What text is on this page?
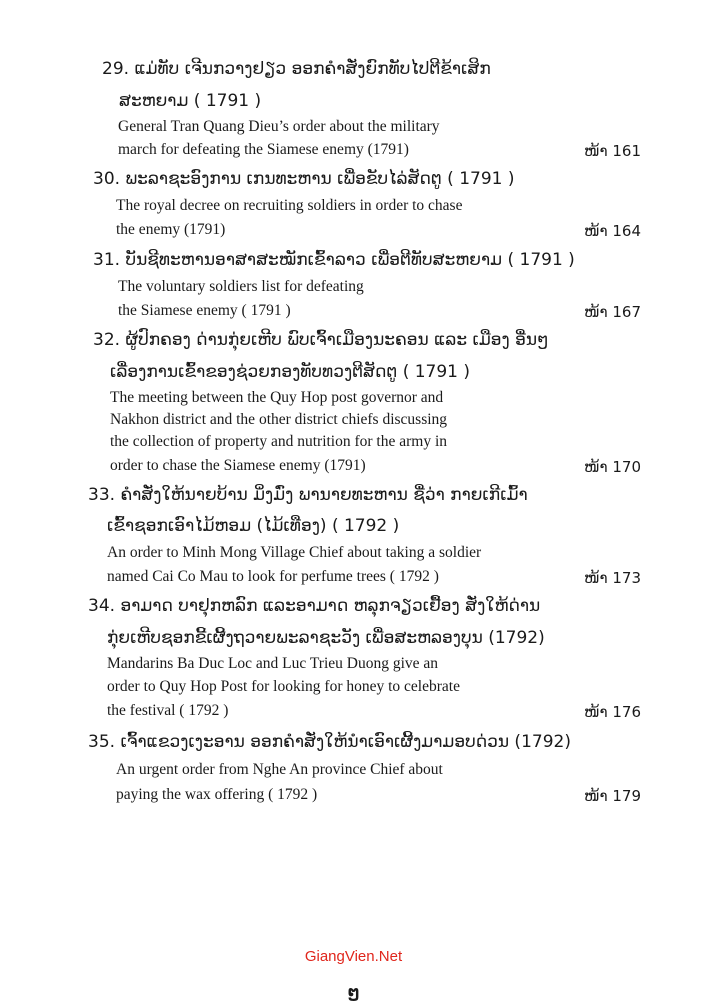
29. ແມ່ທັບ ເຈີນກວາງຢຽວ ອອກຄຳສັ່ງຍົກທັບໄປຕີຂ້າເສິກ
ສະຫຍາມ ( 1791 )
General Tran Quang Dieu’s order about the military
march for defeating the Siamese enemy (1791)	ໜ້າ 161
30. ພະລາຊະອົງການ ເກນທະຫານ ເພື່ອຂັບໄລ່ສັດຕູ ( 1791 )
The royal decree on recruiting soldiers in order to chase
the enemy (1791)	ໜ້າ 164
31. ບັນຊີທະຫານອາສາສະໝັກເຂົ້າລາວ ເພື່ອຕີທັບສະຫຍາມ ( 1791 )
The voluntary soldiers list for defeating
the Siamese enemy ( 1791 )	ໜ້າ 167
32. ຜູ້ປົກຄອງ ດ່ານກຸ່ຍເຫີບ ພົບເຈົ້າເມືອງນະຄອນ ແລະ ເມືອງ ອື່ນໆ
ເລື່ອງການເຂົ້າຂອງຊ່ວຍກອງທັບທວງຕີສັດຕູ ( 1791 )
The meeting between the Quy Hop post governor and
Nakhon district and the other district chiefs discussing
the collection of property and nutrition for the army in
order to chase the Siamese enemy (1791)	ໜ້າ 170
33. ຄຳສັ່ງໃຫ້ນາຍບ້ານ ມິ່ງມົ່ງ ພານາຍທະຫານ ຊື່ວ່າ ກາຍເກີເມົ້າ
ເຂົ້າຊອກເອົາໄມ້ຫອມ (ໄມ້ເທືອງ) ( 1792 )
An order to Minh Mong Village Chief about taking a soldier
named Cai Co Mau to look for perfume trees ( 1792 )	ໜ້າ 173
34. ອາມາດ ບາຢຸກຫລົກ ແລະອາມາດ ຫລຸກຈຽວເຢື້ອງ ສັ່ງໃຫ້ດ່ານ
ກຸ່ຍເຫີບຊອກຂີ້ເຜີ້ງຖວາຍພະລາຊະວັງ ເພື່ອສະຫລອງບຸນ (1792)
Mandarins Ba Duc Loc and Luc Trieu Duong give an
order to Quy Hop Post for looking for honey to celebrate
the festival ( 1792 )	ໜ້າ 176
35. ເຈົ້າແຂວງເງະອານ ອອກຄຳສັ່ງໃຫ້ນຳເອົາເຜີ້ງມາມອບດ່ວນ (1792)
An urgent order from Nghe An province Chief about
paying the wax offering ( 1792 )	ໜ້າ 179
GiangVien.Net
ໆ
